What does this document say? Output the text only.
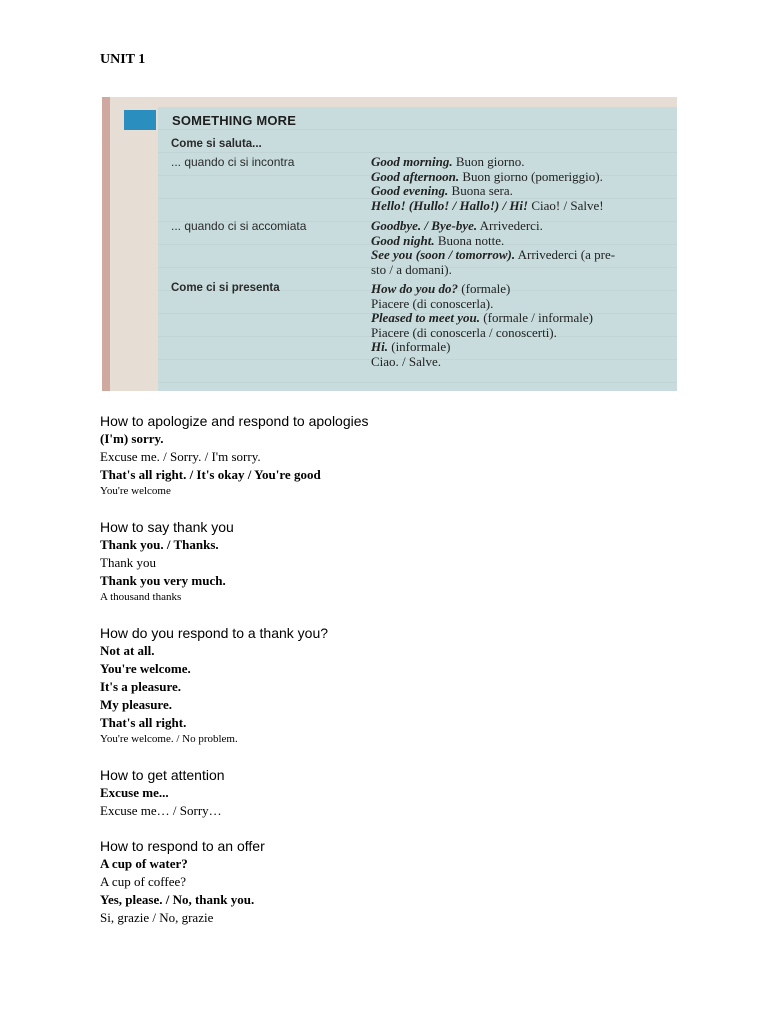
UNIT 1
SOMETHING MORE
Come si saluta...
... quando ci si incontra	Good morning. Buon giorno.
Good afternoon. Buon giorno (pomeriggio).
Good evening. Buona sera.
Hello! (Hullo! / Hallo!) / Hi! Ciao! / Salve!
... quando ci si accomiata	Goodbye. / Bye-bye. Arrivederci.
Good night. Buona notte.
See you (soon / tomorrow). Arrivederci (a pre-
sto / a domani).
Come ci si presenta	How do you do? (formale)
Piacere (di conoscerla).
Pleased to meet you. (formale / informale)
Piacere (di conoscerla / conoscerti).
Hi. (informale)
Ciao. / Salve.
How to apologize and respond to apologies
(I'm) sorry.
Excuse me. / Sorry. / I'm sorry.
That's all right. / It's okay / You're good
You're welcome
How to say thank you
Thank you. / Thanks.
Thank you
Thank you very much.
A thousand thanks
How do you respond to a thank you?
Not at all.
You're welcome.
It's a pleasure.
My pleasure.
That's all right.
You're welcome. / No problem.
How to get attention
Excuse me...
Excuse me… / Sorry…
How to respond to an offer
A cup of water?
A cup of coffee?
Yes, please. / No, thank you.
Si, grazie / No, grazie
